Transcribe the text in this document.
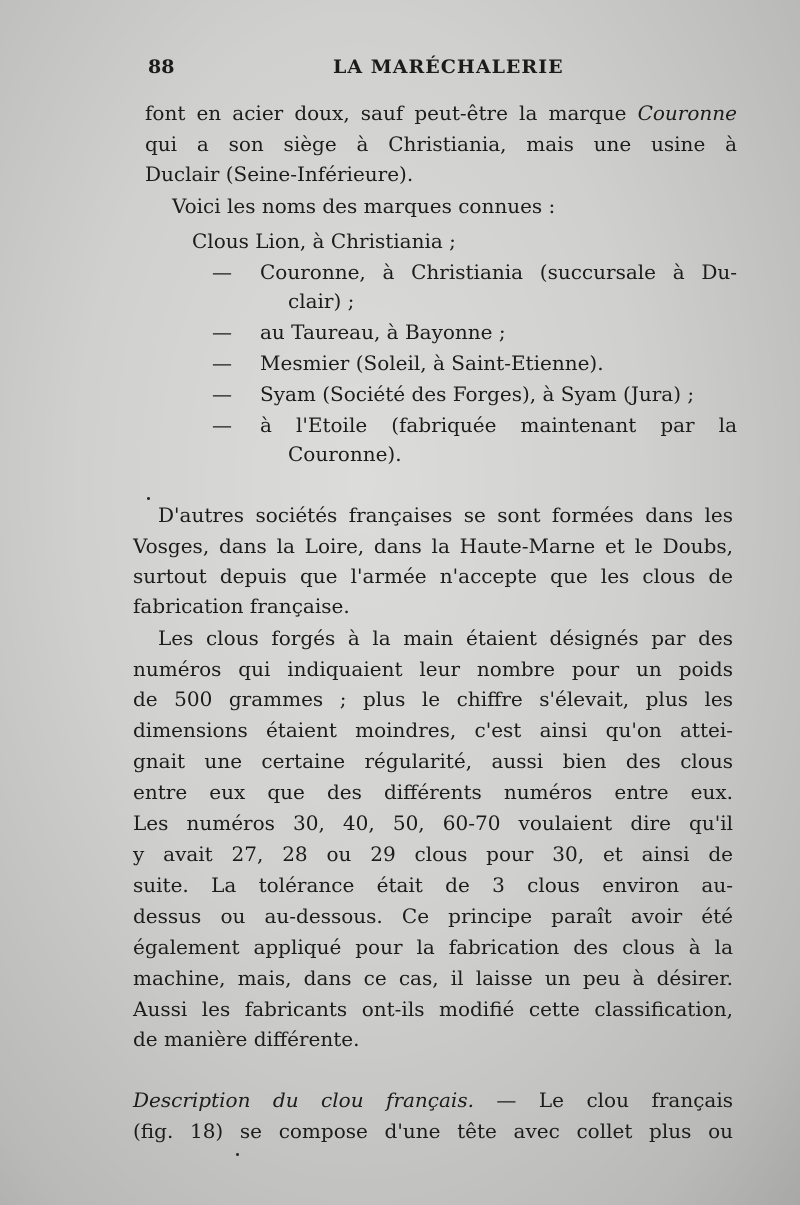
88	LA MARÉCHALERIE
font en acier doux, sauf peut-être la marque Couronne
qui a son siège à Christiania, mais une usine à
Duclair (Seine-Inférieure).
Voici les noms des marques connues :
Clous Lion, à Christiania ;
— Couronne, à Christiania (succursale à Du-
clair) ;
— au Taureau, à Bayonne ;
— Mesmier (Soleil, à Saint-Etienne).
— Syam (Société des Forges), à Syam (Jura) ;
— à l'Etoile (fabriquée maintenant par la
Couronne).
D'autres sociétés françaises se sont formées dans les
Vosges, dans la Loire, dans la Haute-Marne et le Doubs,
surtout depuis que l'armée n'accepte que les clous de
fabrication française.
Les clous forgés à la main étaient désignés par des
numéros qui indiquaient leur nombre pour un poids
de 500 grammes ; plus le chiffre s'élevait, plus les
dimensions étaient moindres, c'est ainsi qu'on attei-
gnait une certaine régularité, aussi bien des clous
entre eux que des différents numéros entre eux.
Les numéros 30, 40, 50, 60-70 voulaient dire qu'il
y avait 27, 28 ou 29 clous pour 30, et ainsi de
suite. La tolérance était de 3 clous environ au-
dessus ou au-dessous. Ce principe paraît avoir été
également appliqué pour la fabrication des clous à la
machine, mais, dans ce cas, il laisse un peu à désirer.
Aussi les fabricants ont-ils modifié cette classification,
de manière différente.
Description du clou français. — Le clou français
(fig. 18) se compose d'une tête avec collet plus ou
